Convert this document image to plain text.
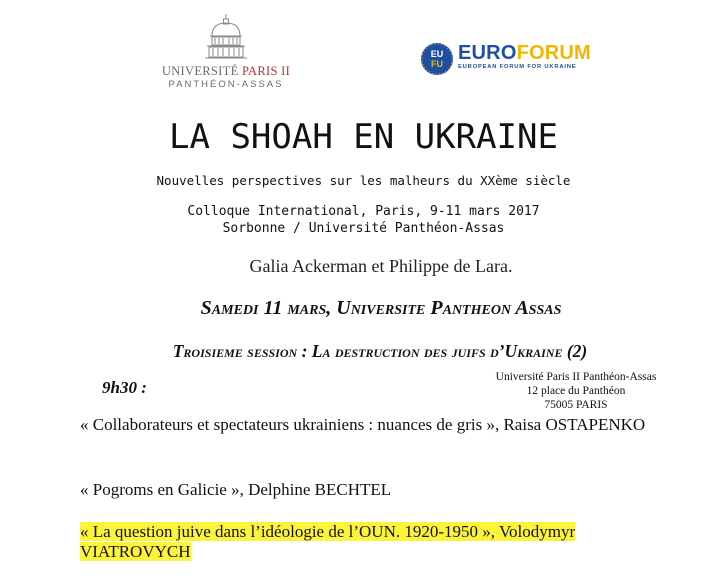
UNIVERSITÉ PARIS II
PANTHÉON-ASSAS
EU
FU EUROFORUM
EUROPEAN FORUM FOR UKRAINE
LA SHOAH EN UKRAINE
Nouvelles perspectives sur les malheurs du XXème siècle
Colloque International, Paris, 9-11 mars 2017
Sorbonne / Université Panthéon-Assas
Galia Ackerman et Philippe de Lara.
Samedi 11 mars, Universite Pantheon Assas
Troisieme session : La destruction des juifs d’Ukraine (2)
9h30 :
Université Paris II Panthéon-Assas
12 place du Panthéon
75005 PARIS
« Collaborateurs et spectateurs ukrainiens : nuances de gris », Raisa OSTAPENKO
« Pogroms en Galicie », Delphine BECHTEL
« La question juive dans l’idéologie de l’OUN. 1920-1950 », Volodymyr VIATROVYCH
